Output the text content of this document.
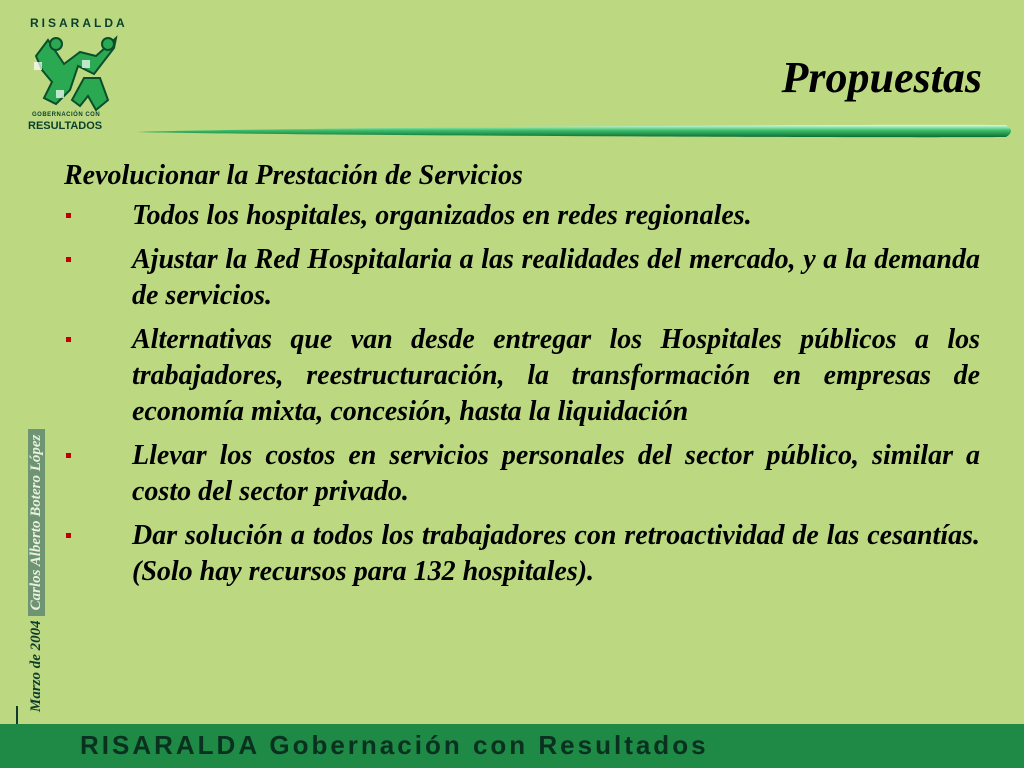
RISARALDA
GOBERNACIÓN CON
RESULTADOS
Propuestas
Marzo de 2004
Carlos Alberto Botero López
Revolucionar la Prestación de Servicios
Todos los hospitales, organizados en redes regionales.
Ajustar la Red Hospitalaria a las realidades del mercado, y a la demanda de servicios.
Alternativas que van desde entregar los Hospitales públicos a los trabajadores, reestructuración, la transformación en empresas de economía mixta, concesión, hasta la liquidación
Llevar los costos en servicios personales del sector público, similar a costo del sector privado.
Dar solución a todos los trabajadores con retroactividad de las cesantías. (Solo hay recursos para 132 hospitales).
RISARALDA Gobernación con Resultados
